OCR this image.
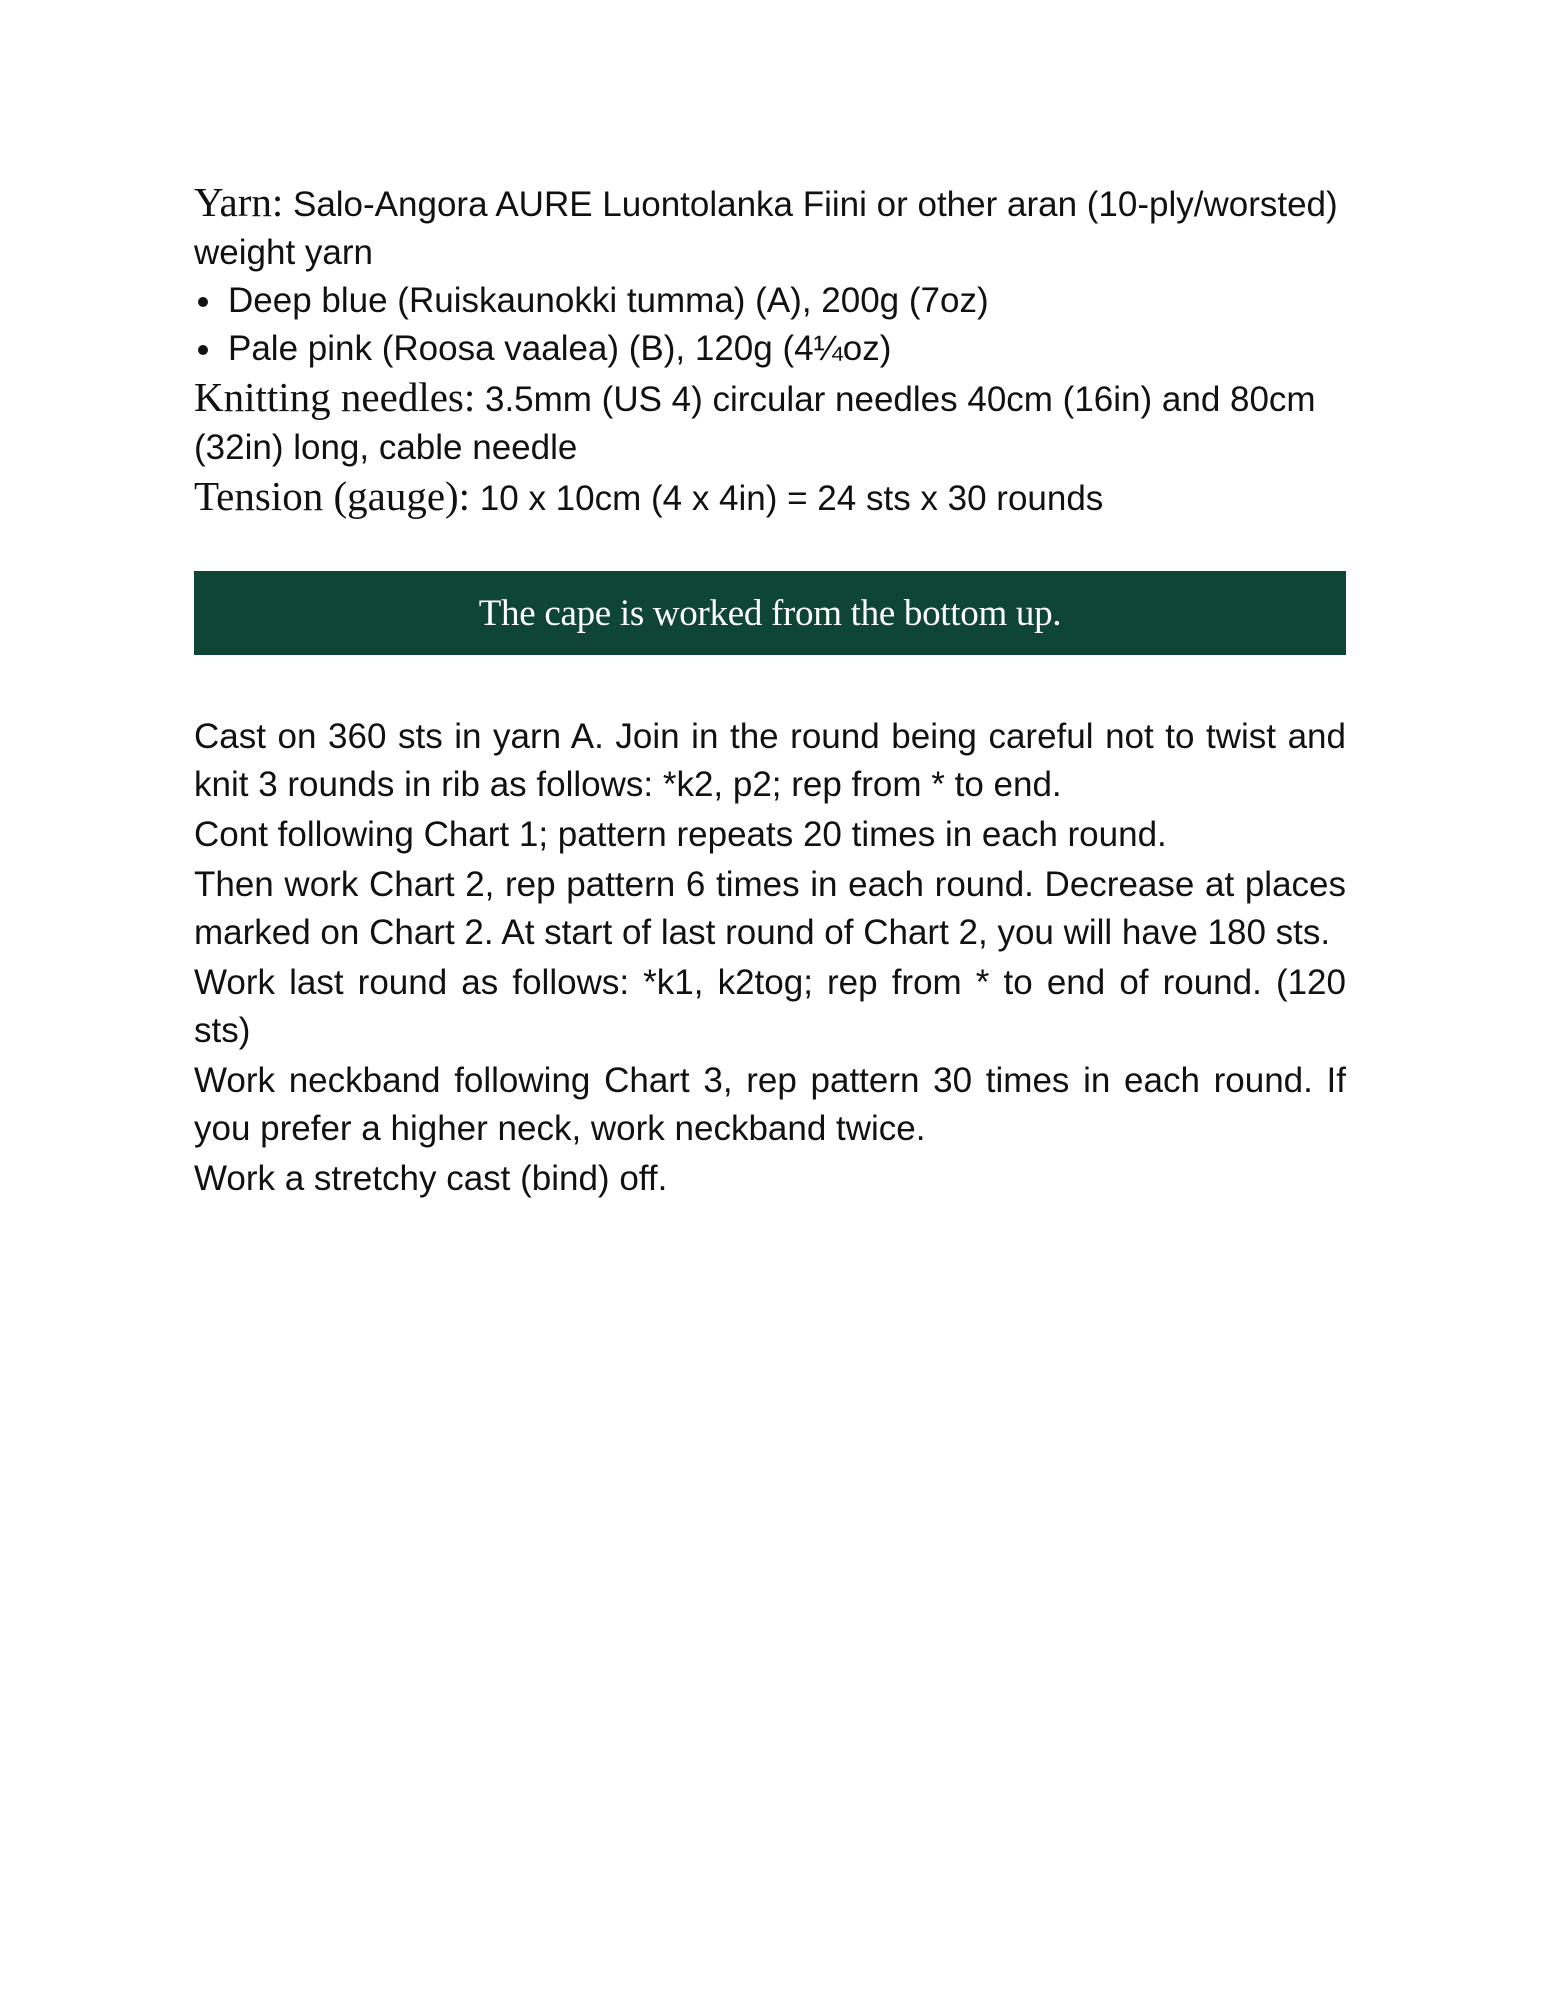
Yarn: Salo-Angora AURE Luontolanka Fiini or other aran (10-ply/worsted) weight yarn

Deep blue (Ruiskaunokki tumma) (A), 200g (7oz)
Pale pink (Roosa vaalea) (B), 120g (4¼oz)

Knitting needles: 3.5mm (US 4) circular needles 40cm (16in) and 80cm (32in) long, cable needle

Tension (gauge): 10 x 10cm (4 x 4in) = 24 sts x 30 rounds

The cape is worked from the bottom up.

Cast on 360 sts in yarn A. Join in the round being careful not to twist and knit 3 rounds in rib as follows: *k2, p2; rep from * to end.

Cont following Chart 1; pattern repeats 20 times in each round.

Then work Chart 2, rep pattern 6 times in each round. Decrease at places marked on Chart 2. At start of last round of Chart 2, you will have 180 sts.

Work last round as follows: *k1, k2tog; rep from * to end of round. (120 sts)

Work neckband following Chart 3, rep pattern 30 times in each round. If you prefer a higher neck, work neckband twice.

Work a stretchy cast (bind) off.
